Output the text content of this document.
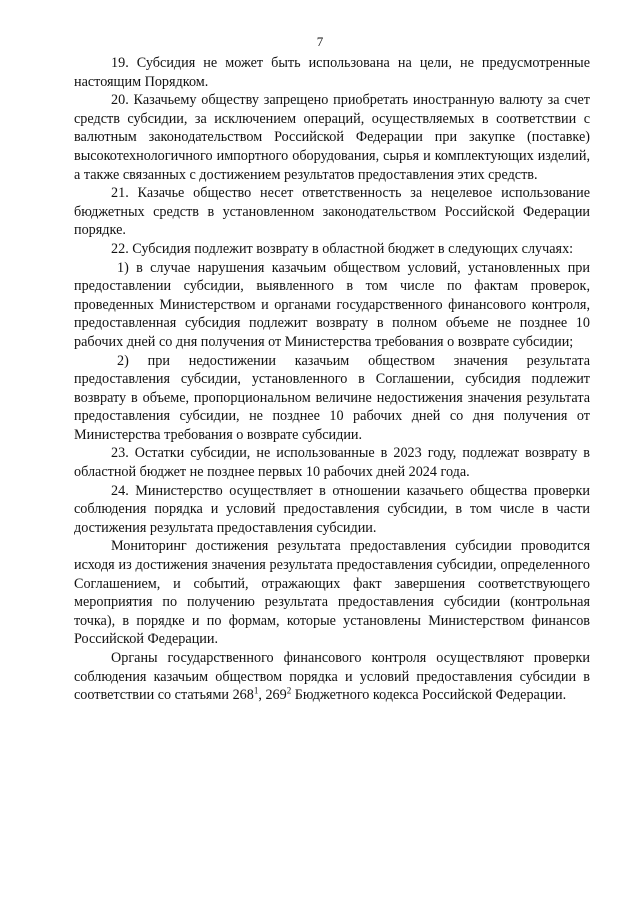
7

19. Субсидия не может быть использована на цели, не предусмотренные настоящим Порядком.

20. Казачьему обществу запрещено приобретать иностранную валюту за счет средств субсидии, за исключением операций, осуществляемых в соответствии с валютным законодательством Российской Федерации при закупке (поставке) высокотехнологичного импортного оборудования, сырья и комплектующих изделий, а также связанных с достижением результатов предоставления этих средств.

21. Казачье общество несет ответственность за нецелевое использование бюджетных средств в установленном законодательством Российской Федерации порядке.

22. Субсидия подлежит возврату в областной бюджет в следующих случаях:

1) в случае нарушения казачьим обществом условий, установленных при предоставлении субсидии, выявленного в том числе по фактам проверок, проведенных Министерством и органами государственного финансового контроля, предоставленная субсидия подлежит возврату в полном объеме не позднее 10 рабочих дней со дня получения от Министерства требования о возврате субсидии;

2) при недостижении казачьим обществом значения результата предоставления субсидии, установленного в Соглашении, субсидия подлежит возврату в объеме, пропорциональном величине недостижения значения результата предоставления субсидии, не позднее 10 рабочих дней со дня получения от Министерства требования о возврате субсидии.

23. Остатки субсидии, не использованные в 2023 году, подлежат возврату в областной бюджет не позднее первых 10 рабочих дней 2024 года.

24. Министерство осуществляет в отношении казачьего общества проверки соблюдения порядка и условий предоставления субсидии, в том числе в части достижения результата предоставления субсидии.

Мониторинг достижения результата предоставления субсидии проводится исходя из достижения значения результата предоставления субсидии, определенного Соглашением, и событий, отражающих факт завершения соответствующего мероприятия по получению результата предоставления субсидии (контрольная точка), в порядке и по формам, которые установлены Министерством финансов Российской Федерации.

Органы государственного финансового контроля осуществляют проверки соблюдения казачьим обществом порядка и условий предоставления субсидии в соответствии со статьями $268^1$, $269^2$ Бюджетного кодекса Российской Федерации.
